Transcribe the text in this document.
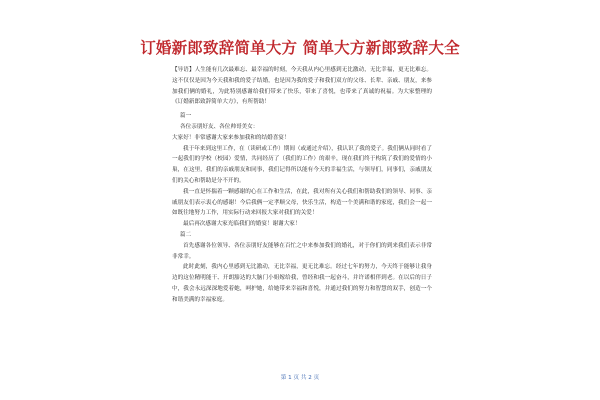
订婚新郎致辞简单大方 简单大方新郎致辞大全

【导语】人生能有几次最难忘、最幸福的时刻，今天我从内心里感到无比激动，无比幸福，更无比难忘。这不仅仅是因为今天我和我的爱子结婚，也是因为我的爱子和我们双方的父母、长辈、亲戚、朋友，来参加我们俩的婚礼，为此特别感谢给我们带来了快乐，带来了喜悦，也带来了真诚的祝福。为大家整理的《订婚新郎致辞简单大方》，有所帮助！

篇一

各位亲朋好友、各位帅哥美女：

大家好！非常感谢大家来参加我和的结婚喜宴！

我于年来到这里工作，在（读研或工作）期间（或通过介绍），我认识了我的爱子。我们俩从同时看了一起我们的学校（校园）爱情，共同经历了（我们的工作）的艰辛，现在我们终于构筑了我们的爱情的小巢，在这里，我们的亲戚朋友和同事，我们记得所以能有今天的幸福生活，与领导们，同事们，亲戚朋友们的关心和帮助是分不开的。

我一直是怀揣着一颗感谢的心在工作和生活，在此，我对所有关心我们和帮助我们的领导、同事、亲戚朋友们表示衷心的感谢！今后我俩一定孝顺父母，快乐生活，构造一个美满和谐的家庭，我们会一起一如既往地努力工作，用实际行动来回报大家对我们的关爱！

最后再次感谢大家光临我们的婚宴！谢谢大家！

篇二

首先感谢各位领导、各位亲朋好友能够在百忙之中来参加我们的婚礼，对于你们的到来我们表示非常非常幸。

此时此刻，我内心里感到无比激动，无比幸福，更无比难忘。经过七年的努力，今天终于能够让我身边的这位精明能干、开朗豁达的大脑门小姐嫁给我，曾经和我一起奋斗，并许诺相伴到老。在以后的日子中，我会永远深深地爱着她，呵护她，给她带来幸福和喜悦，并通过我们的努力和智慧的双手，创造一个和谐美满的幸福家庭。

第 1 页 共 2 页
